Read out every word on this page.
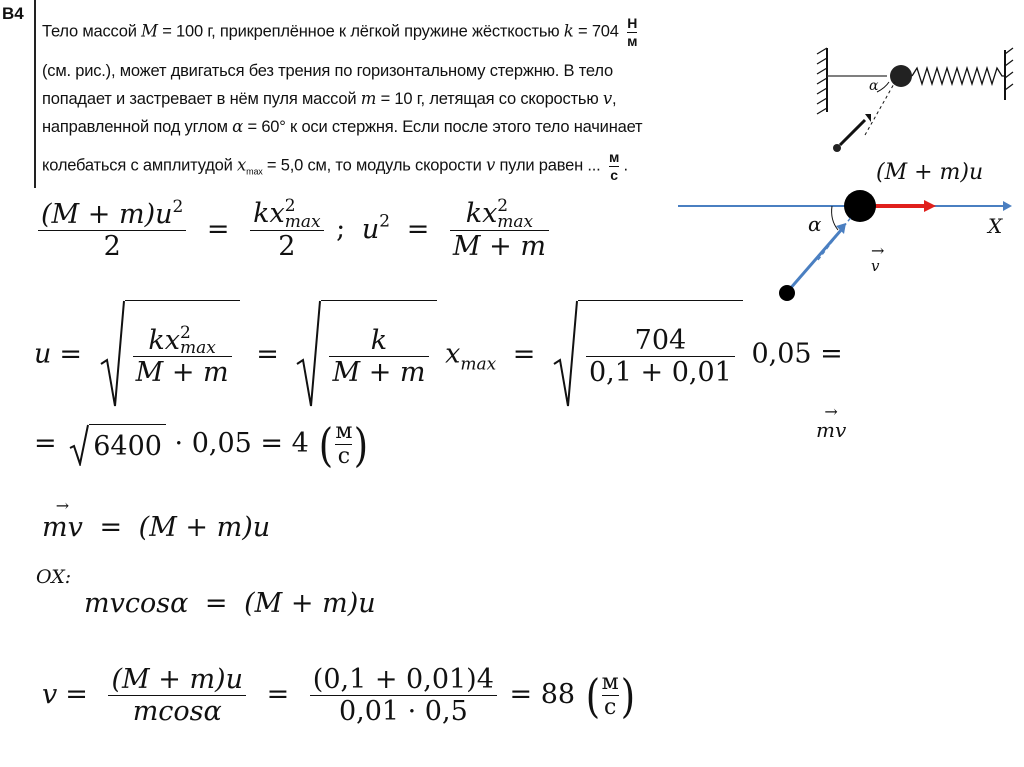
В4
Тело массой M = 100 г, прикреплённое к лёгкой пружине жёсткостью k = 704 Н
м
(см. рис.), может двигаться без трения по горизонтальному стержню. В тело
попадает и застревает в нём пуля массой m = 10 г, летящая со скоростью v,
направленной под углом α = 60° к оси стержня. Если после этого тело начинает
колебаться с амплитудой $x_{max} = 5,0$ см, то модуль скорости v пули равен ... м
с
.

α
v →

(M + m)u
α	X
mv →
$\frac{(M + m)u^2}{2}$ = kx 2
max
2 ; $u^2$ = kx 2
max
M + m
u = kx 2
max
$M + m = \frac{k}{M + m} x_{max} = \frac{704}{0,1 + 0,01} 0,05$ =
= 6400 · 0,05 = 4 ( м
с )
mv → = (M + m)u
OX:
mvcosα = (M + m)u
$v = \frac{(M + m)u}{mcos\alpha} = \frac{(0,1 + 0,01)4}{0,01 \cdot 0,5} = 88$ ( м
с )
